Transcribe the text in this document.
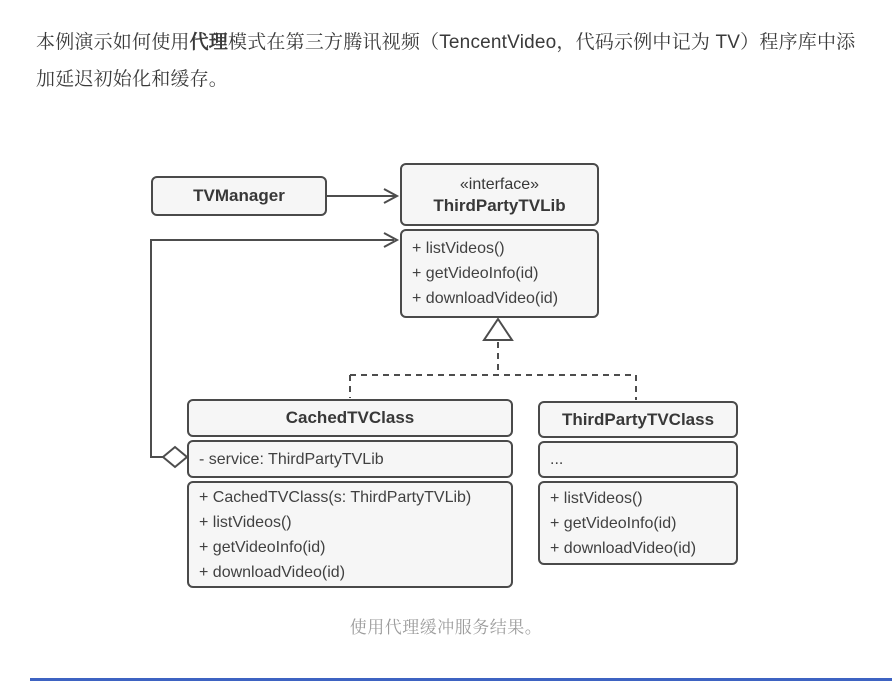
本例演示如何使用代理模式在第三方腾讯视频（TencentVideo，代码示例中记为 TV）程序库中添加延迟初始化和缓存。

TVManager
«interface»
ThirdPartyTVLib
+ listVideos()
+ getVideoInfo(id)
+ downloadVideo(id)
CachedTVClass
- service: ThirdPartyTVLib
+ CachedTVClass(s: ThirdPartyTVLib)
+ listVideos()
+ getVideoInfo(id)
+ downloadVideo(id)
ThirdPartyTVClass
...
+ listVideos()
+ getVideoInfo(id)
+ downloadVideo(id)
使用代理缓冲服务结果。
